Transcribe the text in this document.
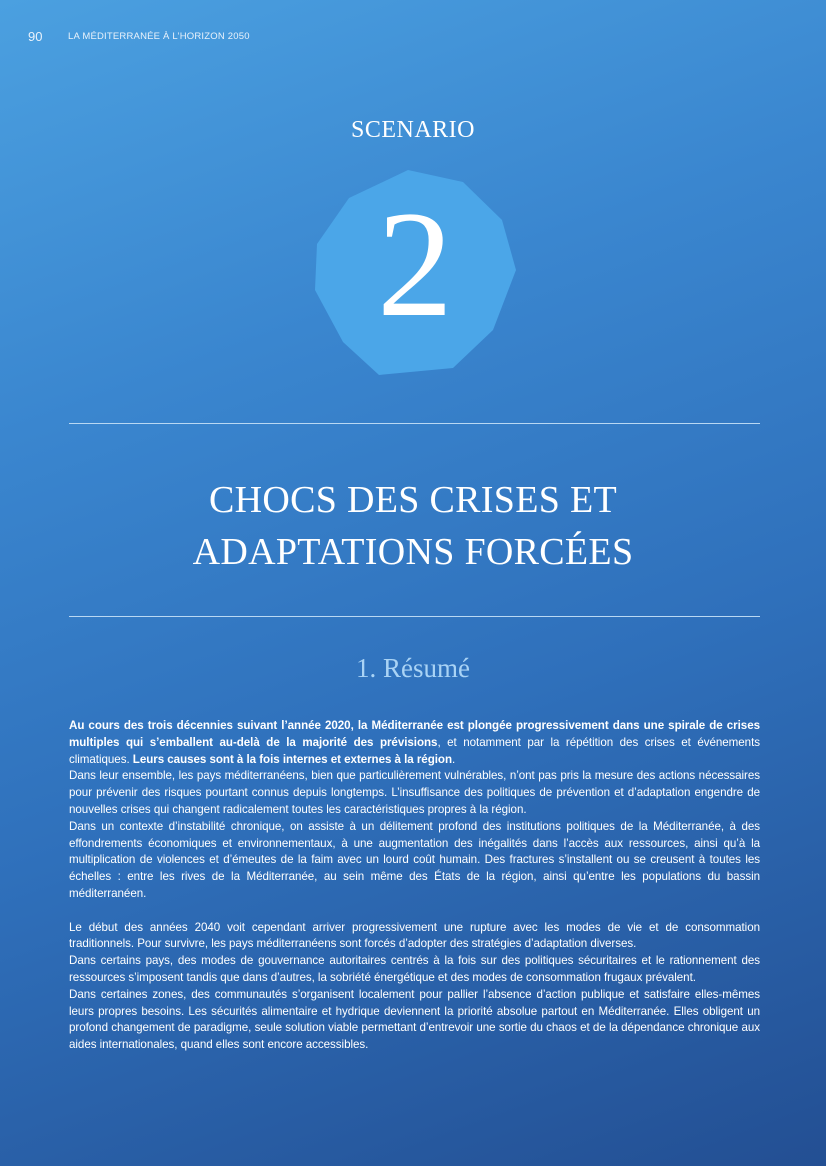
90	LA MÉDITERRANÉE À L’HORIZON 2050
SCENARIO
2
CHOCS DES CRISES ET
ADAPTATIONS FORCÉES
1. Résumé

Au cours des trois décennies suivant l’année 2020, la Méditerranée est plongée progressivement dans une spirale de crises multiples qui s’emballent au-delà de la majorité des prévisions, et notamment par la répétition des crises et événements climatiques. Leurs causes sont à la fois internes et externes à la région.

Dans leur ensemble, les pays méditerranéens, bien que particulièrement vulnérables, n’ont pas pris la mesure des actions nécessaires pour prévenir des risques pourtant connus depuis longtemps. L’insuffisance des politiques de prévention et d’adaptation engendre de nouvelles crises qui changent radicalement toutes les caractéristiques propres à la région.

Dans un contexte d’instabilité chronique, on assiste à un délitement profond des institutions politiques de la Méditerranée, à des effondrements économiques et environnementaux, à une augmentation des inégalités dans l’accès aux ressources, ainsi qu’à la multiplication de violences et d’émeutes de la faim avec un lourd coût humain. Des fractures s’installent ou se creusent à toutes les échelles : entre les rives de la Méditerranée, au sein même des États de la région, ainsi qu’entre les populations du bassin méditerranéen.

Le début des années 2040 voit cependant arriver progressivement une rupture avec les modes de vie et de consommation traditionnels. Pour survivre, les pays méditerranéens sont forcés d’adopter des stratégies d’adaptation diverses.

Dans certains pays, des modes de gouvernance autoritaires centrés à la fois sur des politiques sécuritaires et le rationnement des ressources s’imposent tandis que dans d’autres, la sobriété énergétique et des modes de consommation frugaux prévalent.

Dans certaines zones, des communautés s’organisent localement pour pallier l’absence d’action publique et satisfaire elles-mêmes leurs propres besoins. Les sécurités alimentaire et hydrique deviennent la priorité absolue partout en Méditerranée. Elles obligent un profond changement de paradigme, seule solution viable permettant d’entrevoir une sortie du chaos et de la dépendance chronique aux aides internationales, quand elles sont encore accessibles.
